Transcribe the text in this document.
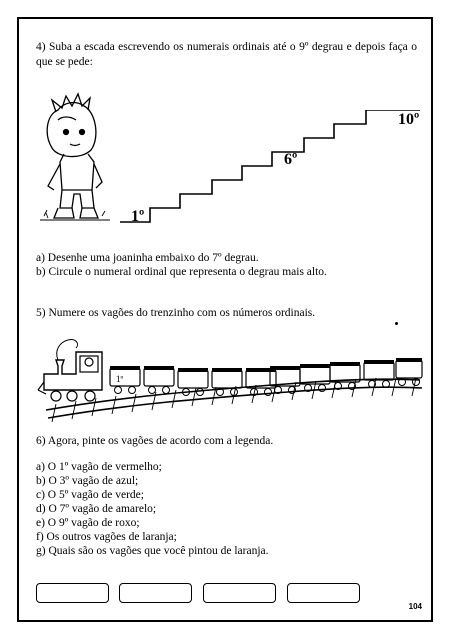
4) Suba a escada escrevendo os numerais ordinais até o 9º degrau e depois faça o que se pede:
1º
6º
10º
a) Desenhe uma joaninha embaixo do 7º degrau.
b) Circule o numeral ordinal que representa o degrau mais alto.
5) Numere os vagões do trenzinho com os números ordinais.
1º
6) Agora, pinte os vagões de acordo com a legenda.
a) O 1º vagão de vermelho;
b) O 3º vagão de azul;
c) O 5º vagão de verde;
d) O 7º vagão de amarelo;
e) O 9º vagão de roxo;
f) Os outros vagões de laranja;
g) Quais são os vagões que você pintou de laranja.
104
